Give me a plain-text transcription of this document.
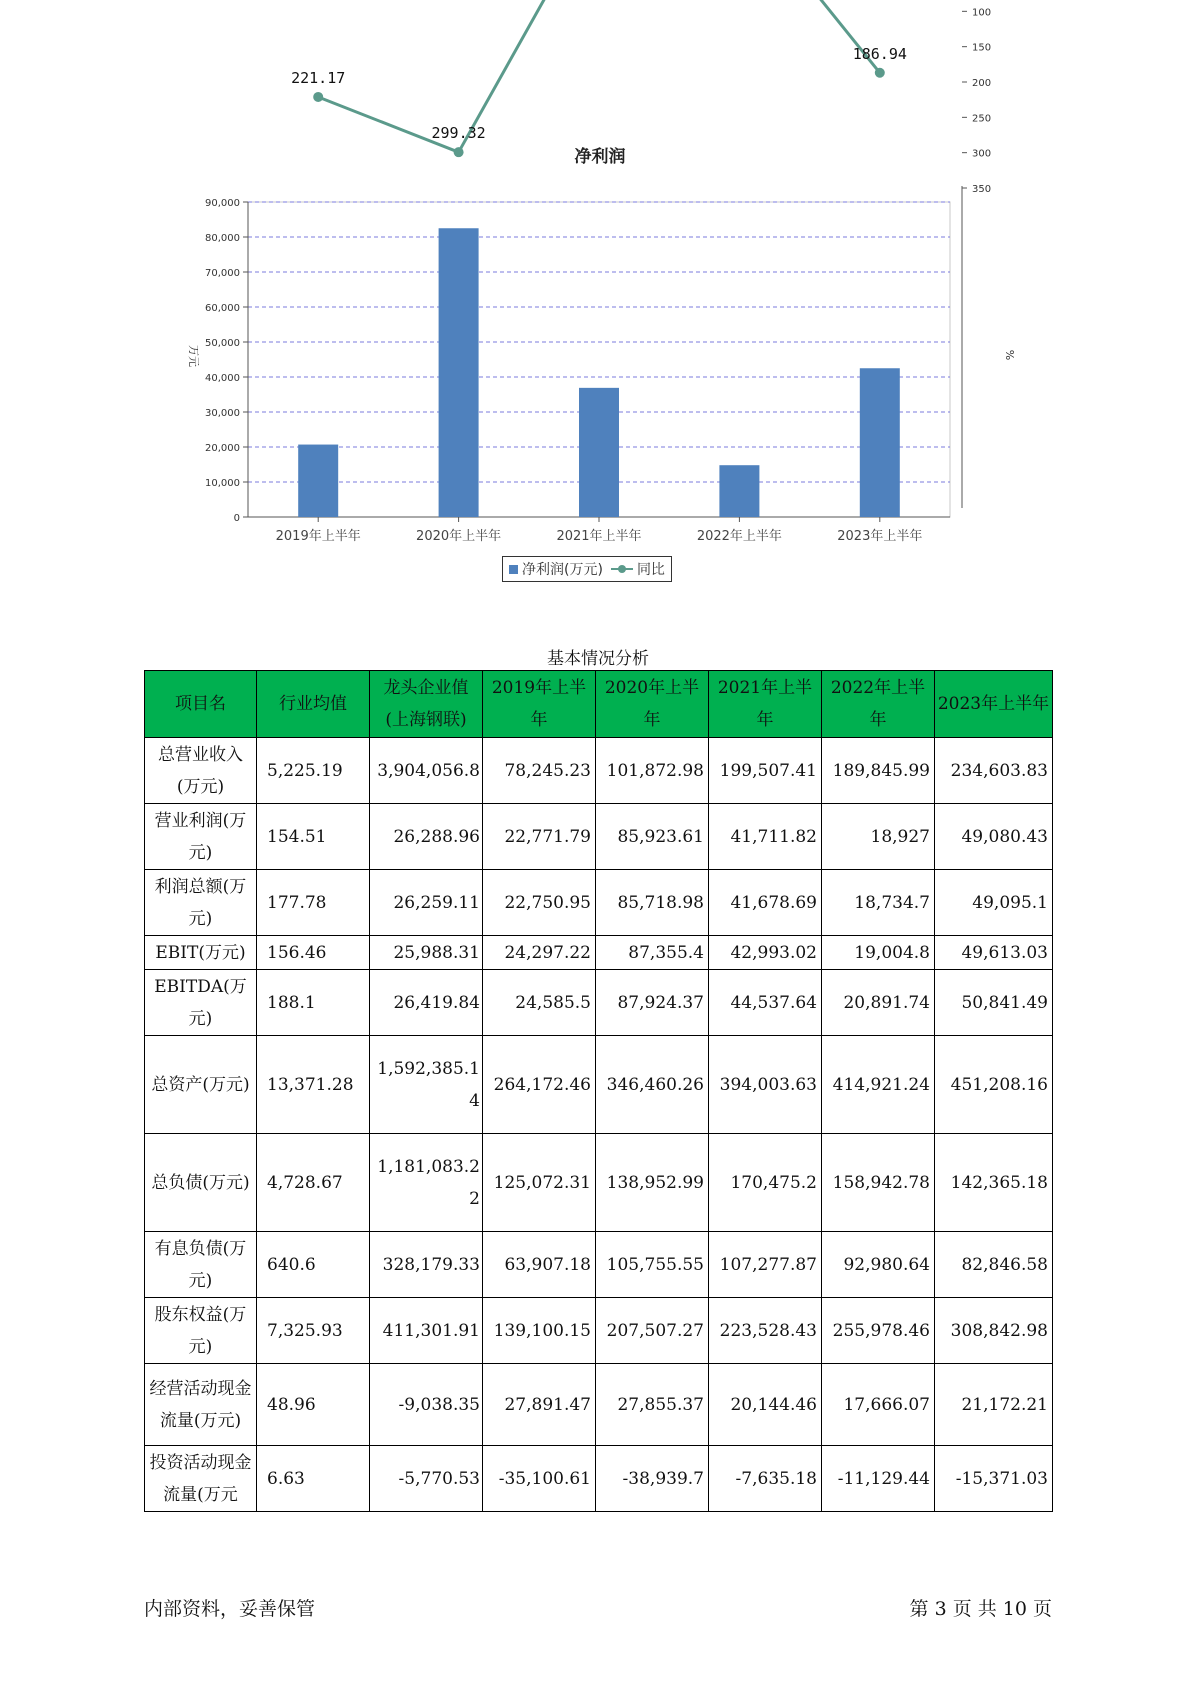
净利润
0
10,000
20,000
30,000
40,000
50,000
60,000
70,000
80,000
90,000
100
150
200
250
300
350
万元	%
2019年上半年	2020年上半年	2021年上半年	2022年上半年	2023年上半年
221.17
299.32
186.94
净利润(万元) 同比
基本情况分析
项目名	行业均值	龙头企业值(上海钢联)	2019年上半年	2020年上半年	2021年上半年	2022年上半年	2023年上半年
总营业收入(万元)	5,225.19	3,904,056.8	78,245.23	101,872.98	199,507.41	189,845.99	234,603.83
营业利润(万元)	154.51	26,288.96	22,771.79	85,923.61	41,711.82	18,927	49,080.43
利润总额(万元)	177.78	26,259.11	22,750.95	85,718.98	41,678.69	18,734.7	49,095.1
EBIT(万元)	156.46	25,988.31	24,297.22	87,355.4	42,993.02	19,004.8	49,613.03
EBITDA(万元)	188.1	26,419.84	24,585.5	87,924.37	44,537.64	20,891.74	50,841.49
总资产(万元)	13,371.28	1,592,385.14	264,172.46	346,460.26	394,003.63	414,921.24	451,208.16
总负债(万元)	4,728.67	1,181,083.22	125,072.31	138,952.99	170,475.2	158,942.78	142,365.18
有息负债(万元)	640.6	328,179.33	63,907.18	105,755.55	107,277.87	92,980.64	82,846.58
股东权益(万元)	7,325.93	411,301.91	139,100.15	207,507.27	223,528.43	255,978.46	308,842.98
经营活动现金流量(万元)	48.96	-9,038.35	27,891.47	27,855.37	20,144.46	17,666.07	21,172.21
投资活动现金流量(万元	6.63	-5,770.53	-35,100.61	-38,939.7	-7,635.18	-11,129.44	-15,371.03
内部资料，妥善保管	第 3 页 共 10 页
